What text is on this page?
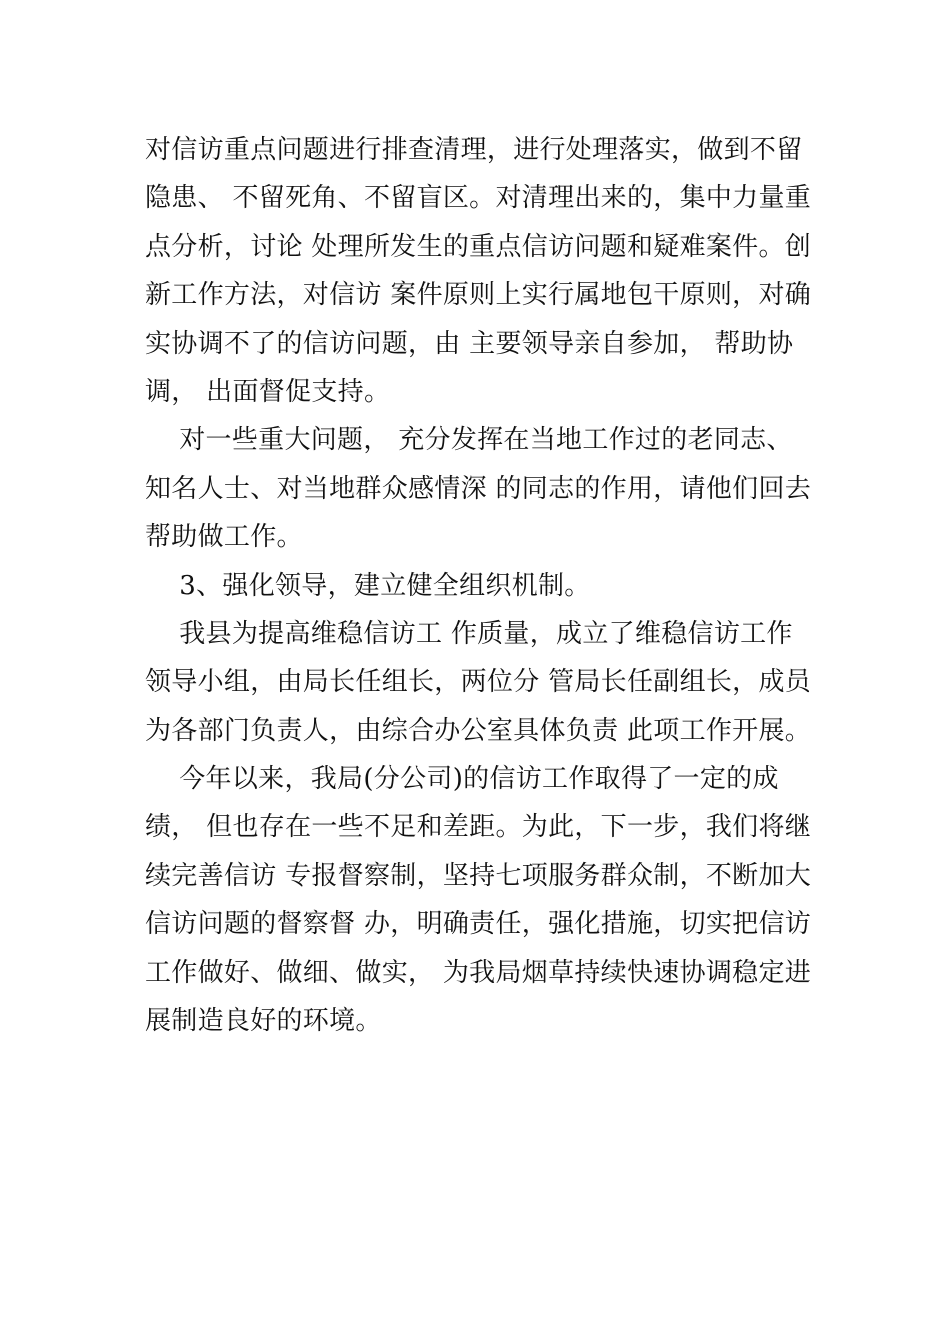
对信访重点问题进行排查清理，进行处理落实，做到不留
隐患、 不留死角、不留盲区。对清理出来的，集中力量重
点分析，讨论 处理所发生的重点信访问题和疑难案件。创
新工作方法，对信访 案件原则上实行属地包干原则，对确
实协调不了的信访问题，由 主要领导亲自参加， 帮助协
调， 出面督促支持。
对一些重大问题， 充分发挥在当地工作过的老同志、
知名人士、对当地群众感情深 的同志的作用，请他们回去
帮助做工作。
3、强化领导，建立健全组织机制。
我县为提高维稳信访工 作质量，成立了维稳信访工作
领导小组，由局长任组长，两位分 管局长任副组长，成员
为各部门负责人，由综合办公室具体负责 此项工作开展。
今年以来，我局(分公司)的信访工作取得了一定的成
绩， 但也存在一些不足和差距。为此，下一步，我们将继
续完善信访 专报督察制，坚持七项服务群众制，不断加大
信访问题的督察督 办，明确责任，强化措施，切实把信访
工作做好、做细、做实， 为我局烟草持续快速协调稳定进
展制造良好的环境。
